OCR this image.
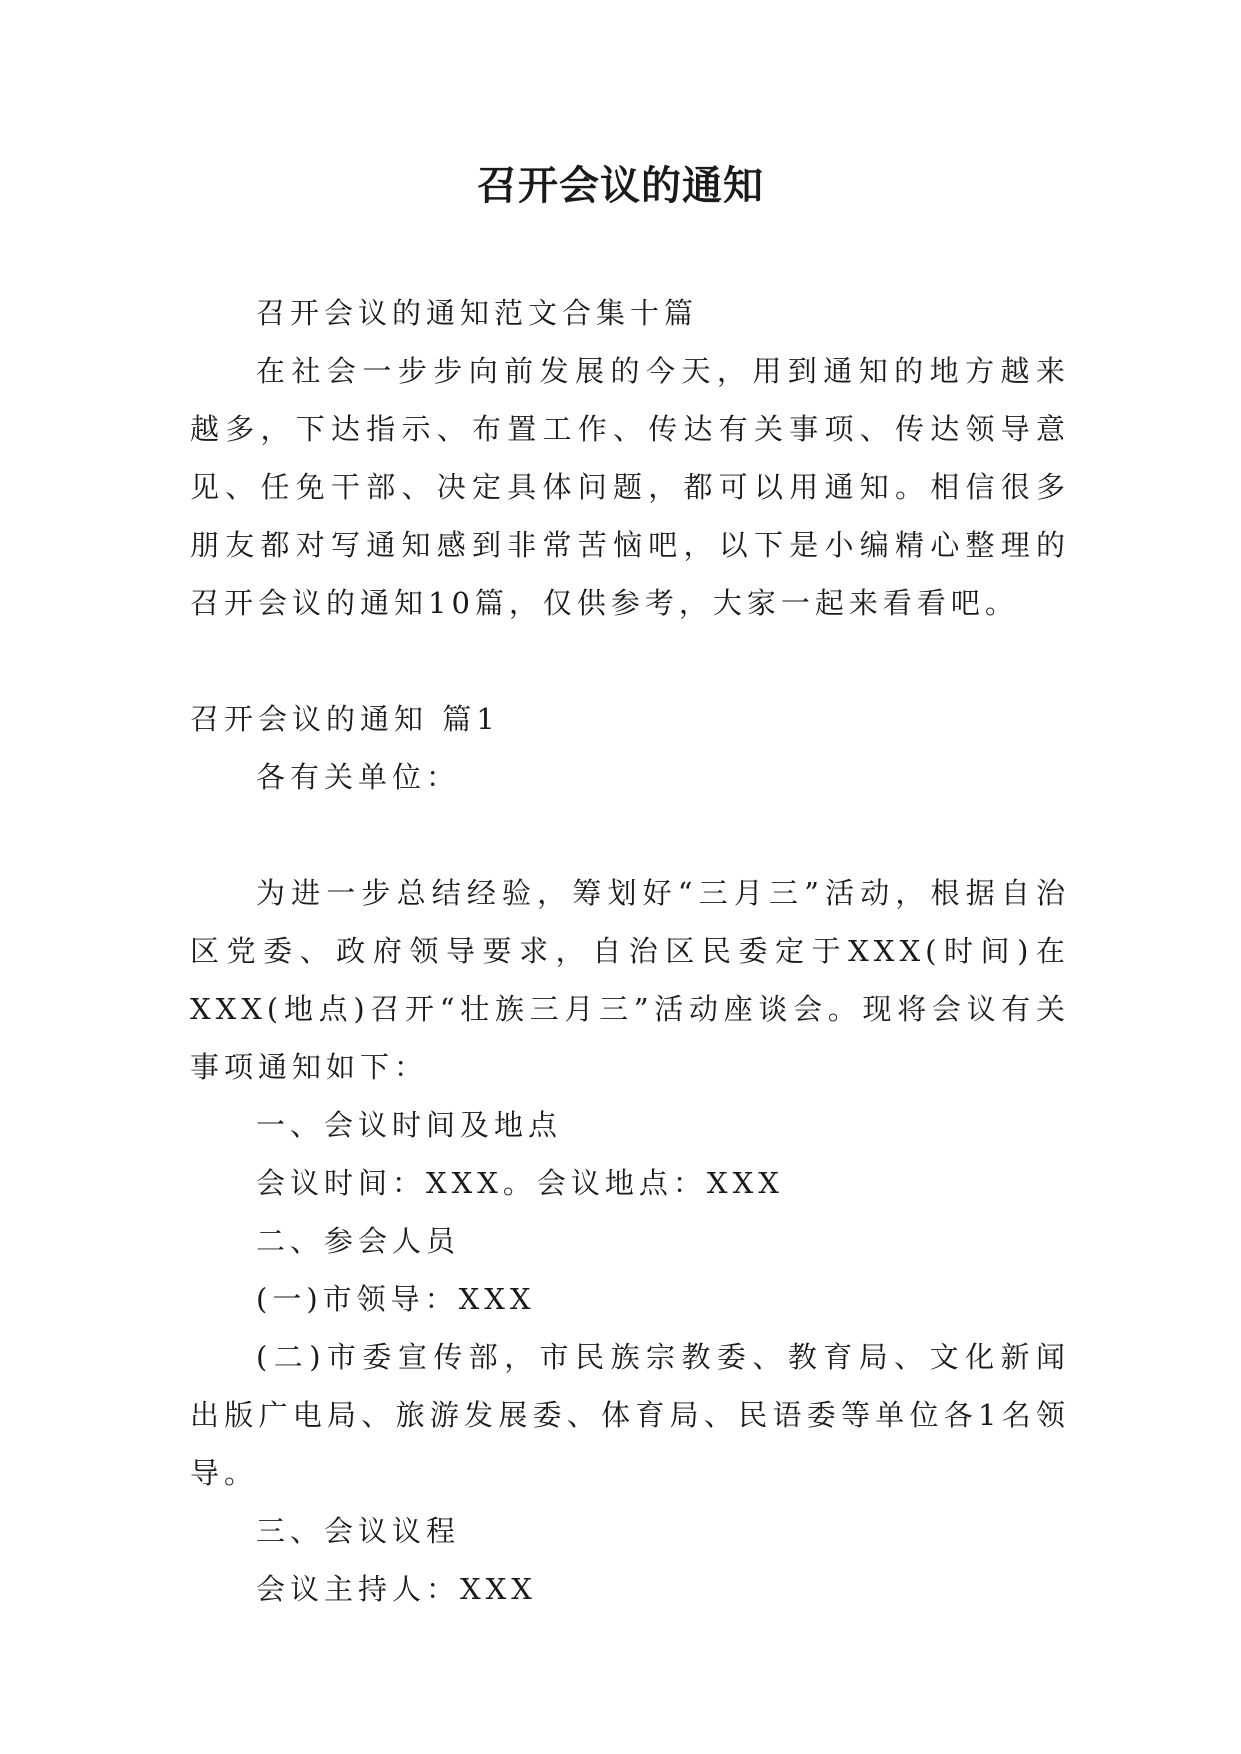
召开会议的通知

召开会议的通知范文合集十篇

在社会一步步向前发展的今天，用到通知的地方越来越多，下达指示、布置工作、传达有关事项、传达领导意见、任免干部、决定具体问题，都可以用通知。相信很多朋友都对写通知感到非常苦恼吧，以下是小编精心整理的召开会议的通知10篇，仅供参考，大家一起来看看吧。

召开会议的通知 篇1

各有关单位：

为进一步总结经验，筹划好“三月三”活动，根据自治区党委、政府领导要求，自治区民委定于XXX(时间)在XXX(地点)召开“壮族三月三”活动座谈会。现将会议有关事项通知如下：

一、会议时间及地点

会议时间：XXX。会议地点：XXX

二、参会人员

(一)市领导：XXX

(二)市委宣传部，市民族宗教委、教育局、文化新闻出版广电局、旅游发展委、体育局、民语委等单位各1名领导。

三、会议议程

会议主持人：XXX
